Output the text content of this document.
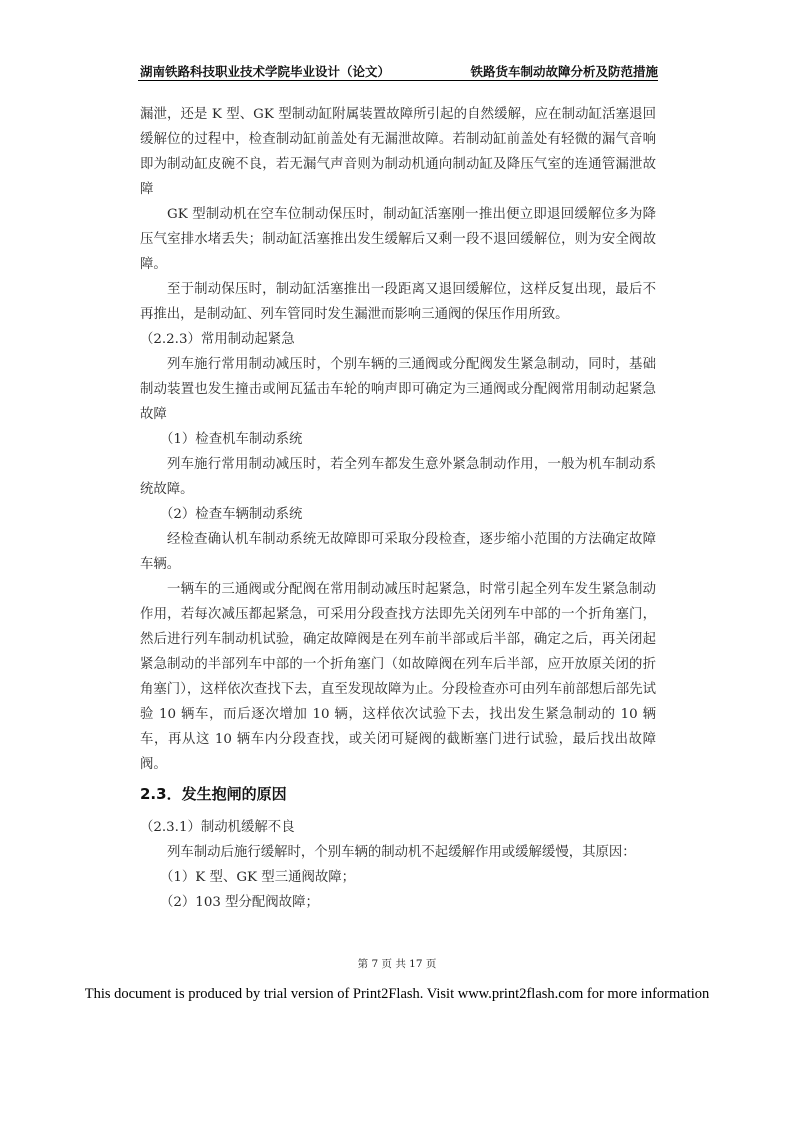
湖南铁路科技职业技术学院毕业设计（论文）	铁路货车制动故障分析及防范措施

漏泄，还是 K 型、GK 型制动缸附属装置故障所引起的自然缓解，应在制动缸活塞退回缓解位的过程中，检查制动缸前盖处有无漏泄故障。若制动缸前盖处有轻微的漏气音响即为制动缸皮碗不良，若无漏气声音则为制动机通向制动缸及降压气室的连通管漏泄故障

GK 型制动机在空车位制动保压时，制动缸活塞刚一推出便立即退回缓解位多为降压气室排水堵丢失；制动缸活塞推出发生缓解后又剩一段不退回缓解位，则为安全阀故障。

至于制动保压时，制动缸活塞推出一段距离又退回缓解位，这样反复出现，最后不再推出，是制动缸、列车管同时发生漏泄而影响三通阀的保压作用所致。

（2.2.3）常用制动起紧急

列车施行常用制动减压时，个别车辆的三通阀或分配阀发生紧急制动，同时，基础制动装置也发生撞击或闸瓦猛击车轮的响声即可确定为三通阀或分配阀常用制动起紧急故障

（1）检查机车制动系统

列车施行常用制动减压时，若全列车都发生意外紧急制动作用，一般为机车制动系统故障。

（2）检查车辆制动系统

经检查确认机车制动系统无故障即可采取分段检查，逐步缩小范围的方法确定故障车辆。

一辆车的三通阀或分配阀在常用制动减压时起紧急，时常引起全列车发生紧急制动作用，若每次减压都起紧急，可采用分段查找方法即先关闭列车中部的一个折角塞门，然后进行列车制动机试验，确定故障阀是在列车前半部或后半部，确定之后，再关闭起紧急制动的半部列车中部的一个折角塞门（如故障阀在列车后半部，应开放原关闭的折角塞门），这样依次查找下去，直至发现故障为止。分段检查亦可由列车前部想后部先试验 10 辆车，而后逐次增加 10 辆，这样依次试验下去，找出发生紧急制动的 10 辆车，再从这 10 辆车内分段查找，或关闭可疑阀的截断塞门进行试验，最后找出故障阀。

2.3．发生抱闸的原因

（2.3.1）制动机缓解不良

列车制动后施行缓解时，个别车辆的制动机不起缓解作用或缓解缓慢，其原因：

（1）K 型、GK 型三通阀故障；

（2）103 型分配阀故障；

第 7 页 共 17 页
This document is produced by trial version of Print2Flash. Visit www.print2flash.com for more information
